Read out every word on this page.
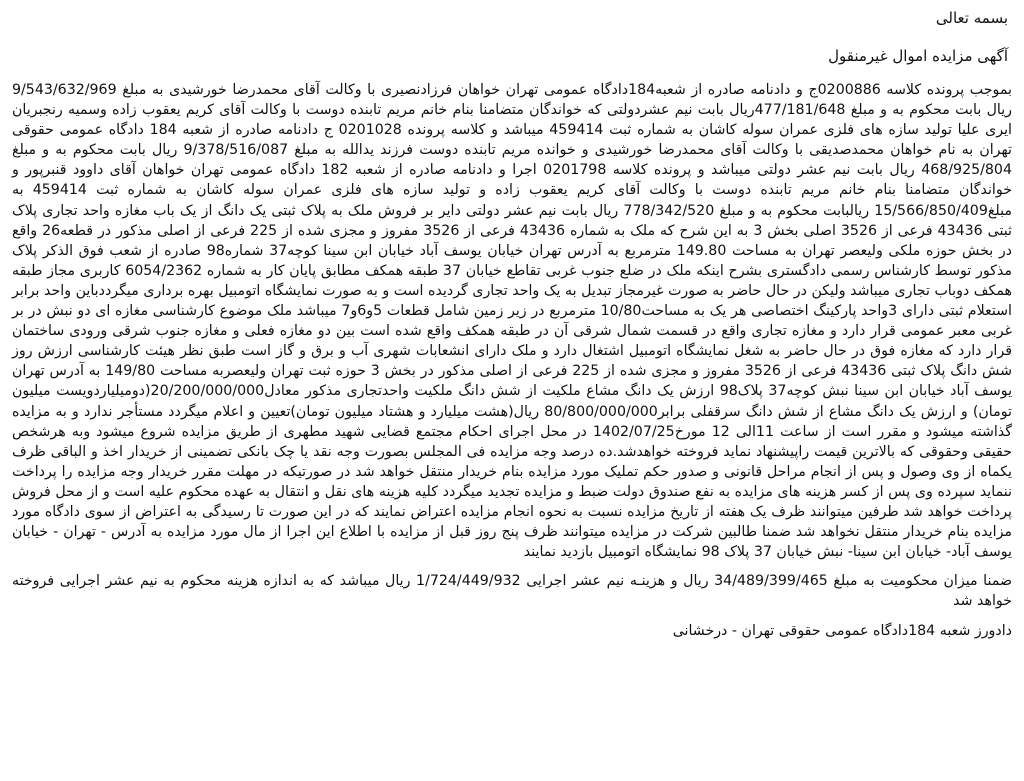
بسمه تعالی

آگهی مزایده اموال غیرمنقول

بموجب پرونده کلاسه 0200886ج و دادنامه صادره از شعبه184دادگاه عمومی تهران خواهان فرزادنصیری با وکالت آقای محمدرضا خورشیدی به مبلغ 9/543/632/969 ریال بابت محکوم به و مبلغ 477/181/648ریال بابت نیم عشردولتی که خواندگان متضامنا بنام خانم مریم تابنده دوست با وکالت آقای کریم یعقوب زاده وسمیه رنجبریان ایری علیا تولید سازه های فلزی عمران سوله کاشان به شماره ثبت 459414 میباشد و کلاسه پرونده 0201028 ج دادنامه صادره از شعبه 184 دادگاه عمومی حقوقی تهران به نام خواهان محمدصدیقی با وکالت آقای محمدرضا خورشیدی و خوانده مریم تابنده دوست فرزند یدالله به مبلغ 9/378/516/087 ریال بابت محکوم به و مبلغ 468/925/804 ریال بابت نیم عشر دولتی میباشد و پرونده کلاسه 0201798 اجرا و دادنامه صادره از شعبه 182 دادگاه عمومی تهران خواهان آقای داوود قنبرپور و خواندگان متضامنا بنام خانم مریم تابنده دوست با وکالت آقای کریم یعقوب زاده و تولید سازه های فلزی عمران سوله کاشان به شماره ثبت 459414 به مبلغ15/566/850/409 ریالبابت محکوم به و مبلغ 778/342/520 ریال بابت نیم عشر دولتی دایر بر فروش ملک به پلاک ثبتی یک دانگ از یک باب مغازه واحد تجاری پلاک ثبتی 43436 فرعی از 3526 اصلی بخش 3 به این شرح که ملک به شماره 43436 فرعی از 3526 مفروز و مجزی شده از 225 فرعی از اصلی مذکور در قطعه26 واقع در بخش حوزه ملکی ولیعصر تهران به مساحت 149.80 مترمربع به آدرس تهران خیابان یوسف آباد خیابان ابن سینا کوچه37 شماره98 صادره از شعب فوق الذکر پلاک مذکور توسط کارشناس رسمی دادگستری بشرح اینکه ملک در ضلع جنوب غربی تقاطع خیابان 37 طبقه همکف مطابق پایان کار به شماره 6054/2362 کاربری مجاز طبقه همکف دوباب تجاری میباشد ولیکن در حال حاضر به صورت غیرمجاز تبدیل به یک واحد تجاری گردیده است و به صورت نمایشگاه اتومبیل بهره برداری میگرددباین واحد برابر استعلام ثبتی دارای 3واحد پارکینگ اختصاصی هر یک به مساحت10/80 مترمربع در زیر زمین شامل قطعات 5و6و7 میباشد ملک موضوع کارشناسی مغازه ای دو نبش در بر غربی معبر عمومی قرار دارد و مغازه تجاری واقع در قسمت شمال شرقی آن در طبقه همکف واقع شده است بین دو مغازه فعلی و مغازه جنوب شرقی ورودی ساختمان قرار دارد که مغازه فوق در حال حاضر به شغل نمایشگاه اتومبیل اشتغال دارد و ملک دارای انشعابات شهری آب و برق و گاز است طبق نظر هیئت کارشناسی ارزش روز شش دانگ پلاک ثبتی 43436 فرعی از 3526 مفروز و مجزی شده از 225 فرعی از اصلی مذکور در بخش 3 حوزه ثبت تهران ولیعصربه مساحت 149/80 به آدرس تهران یوسف آباد خیابان ابن سینا نبش کوچه37 پلاک98 ارزش یک دانگ مشاع ملکیت از شش دانگ ملکیت واحدتجاری مذکور معادل20/200/000/000(دومیلیاردویست میلیون تومان) و ارزش یک دانگ مشاع از شش دانگ سرقفلی برابر80/800/000/000 ریال(هشت میلیارد و هشتاد میلیون تومان)تعیین و اعلام میگردد مستأجر ندارد و به مزایده گذاشته میشود و مقرر است از ساعت 11الی 12 مورخ1402/07/25 در محل اجرای احکام مجتمع قضایی شهید مطهری از طریق مزایده شروع میشود وبه هرشخص حقیقی وحقوقی که بالاترین قیمت راپیشنهاد نماید فروخته خواهدشد.ده درصد وجه مزایده فی المجلس بصورت وجه نقد یا چک بانکی تضمینی از خریدار اخذ و الباقی ظرف یکماه از وی وصول و پس از انجام مراحل قانونی و صدور حکم تملیک مورد مزایده بنام خریدار منتقل خواهد شد در صورتیکه در مهلت مقرر خریدار وجه مزایده را پرداخت ننماید سپرده وی پس از کسر هزینه های مزایده به نفع صندوق دولت ضبط و مزایده تجدید میگردد کلیه هزینه های نقل و انتقال به عهده محکوم علیه است و از محل فروش پرداخت خواهد شد طرفین میتوانند ظرف یک هفته از تاریخ مزایده نسبت به نحوه انجام مزایده اعتراض نمایند که در این صورت تا رسیدگی به اعتراض از سوی دادگاه مورد مزایده بنام خریدار منتقل نخواهد شد ضمنا طالبین شرکت در مزایده میتوانند ظرف پنج روز قبل از مزایده با اطلاع این اجرا از مال مورد مزایده به آدرس - تهران - خیابان یوسف آباد- خیابان ابن سینا- نبش خیابان 37 پلاک 98 نمایشگاه اتومبیل بازدید نمایند

ضمنا میزان محکومیت به مبلغ 34/489/399/465 ریال و هزینـه نیم عشر اجرایی 1/724/449/932 ریال میباشد که به اندازه هزینه محکوم به نیم عشر اجرایی فروخته خواهد شد

دادورز شعبه 184دادگاه عمومی حقوقی تهران - درخشانی
